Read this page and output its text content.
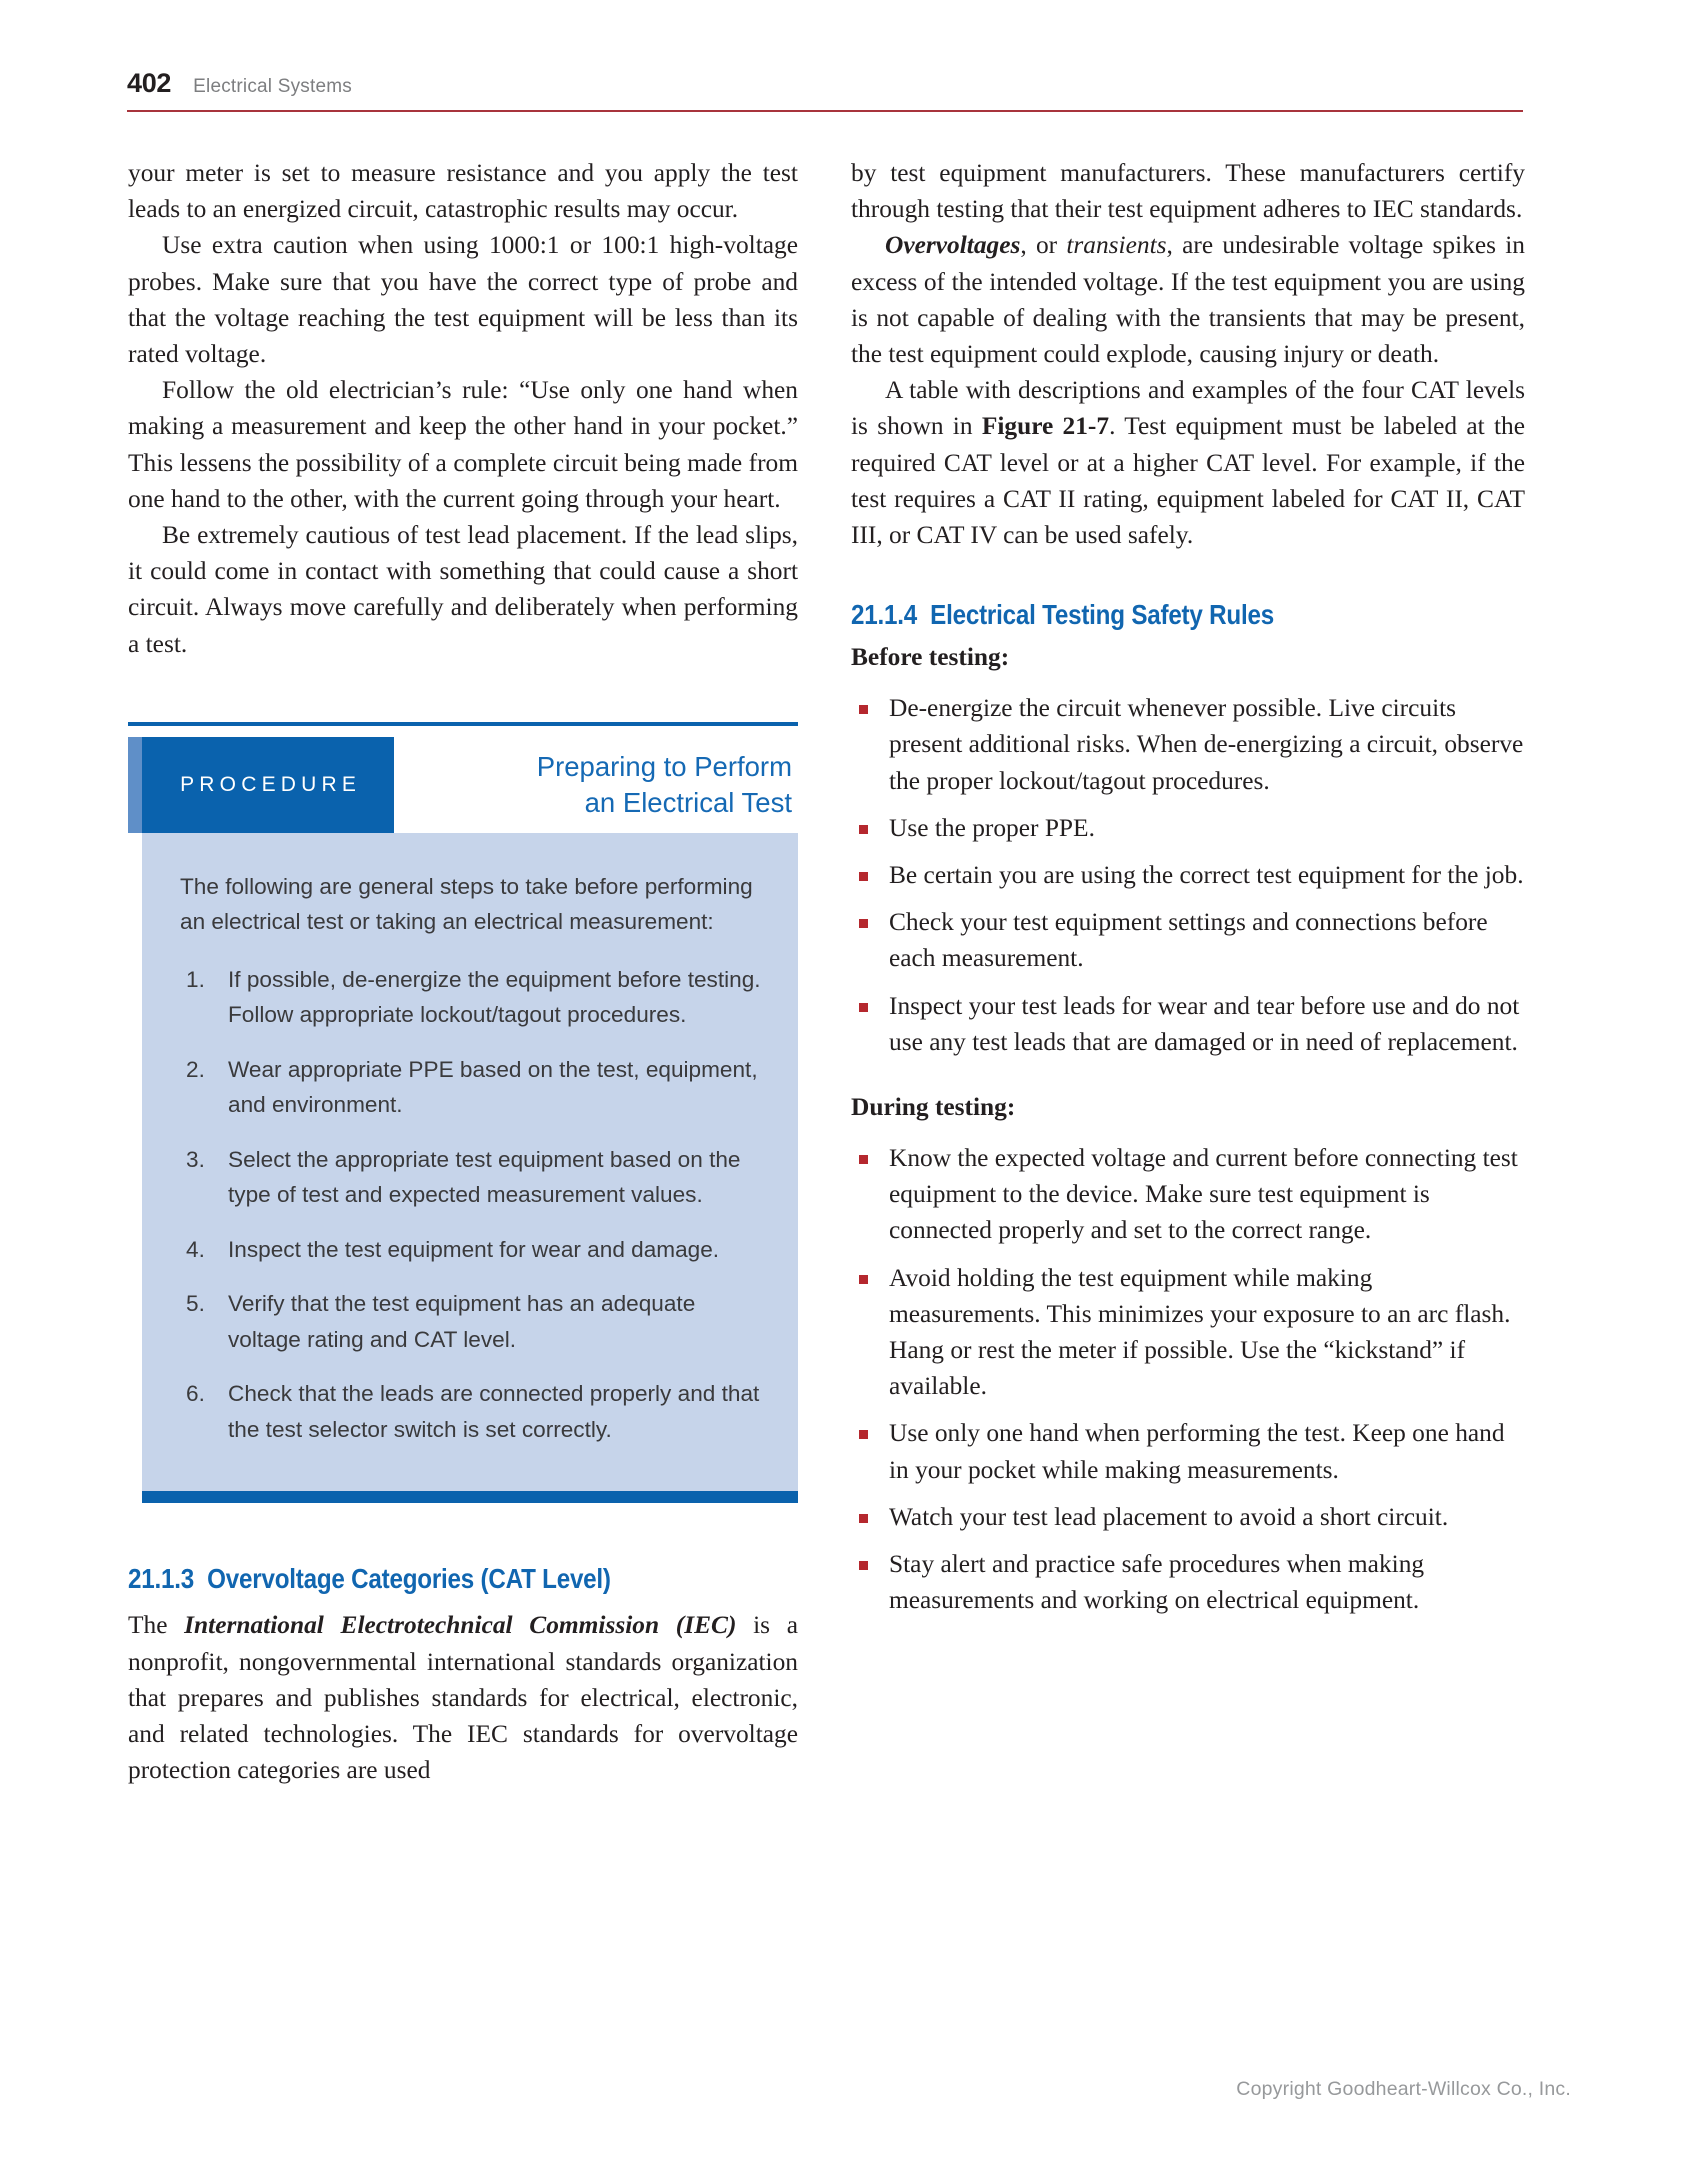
402 Electrical Systems

your meter is set to measure resistance and you apply the test leads to an energized circuit, catastrophic results may occur.

Use extra caution when using 1000:1 or 100:1 high-voltage probes. Make sure that you have the correct type of probe and that the voltage reaching the test equipment will be less than its rated voltage.

Follow the old electrician’s rule: “Use only one hand when making a measurement and keep the other hand in your pocket.” This lessens the possibility of a complete circuit being made from one hand to the other, with the current going through your heart.

Be extremely cautious of test lead placement. If the lead slips, it could come in contact with something that could cause a short circuit. Always move carefully and deliberately when performing a test.

PROCEDURE
Preparing to Perform
an Electrical Test

The following are general steps to take before performing an electrical test or taking an electrical measurement:

If possible, de-energize the equipment before testing. Follow appropriate lockout/tagout procedures.
Wear appropriate PPE based on the test, equipment, and environment.
Select the appropriate test equipment based on the type of test and expected measurement values.
Inspect the test equipment for wear and damage.
Verify that the test equipment has an adequate voltage rating and CAT level.
Check that the leads are connected properly and that the test selector switch is set correctly.
21.1.3 Overvoltage Categories (CAT Level)

The International Electrotechnical Commission (IEC) is a nonprofit, nongovernmental international standards organization that prepares and publishes standards for electrical, electronic, and related technologies. The IEC standards for overvoltage protection categories are used

by test equipment manufacturers. These manufacturers certify through testing that their test equipment adheres to IEC standards.

Overvoltages, or transients, are undesirable voltage spikes in excess of the intended voltage. If the test equipment you are using is not capable of dealing with the transients that may be present, the test equipment could explode, causing injury or death.

A table with descriptions and examples of the four CAT levels is shown in Figure 21-7. Test equipment must be labeled at the required CAT level or at a higher CAT level. For example, if the test requires a CAT II rating, equipment labeled for CAT II, CAT III, or CAT IV can be used safely.

21.1.4 Electrical Testing Safety Rules
Before testing:
De-energize the circuit whenever possible. Live circuits present additional risks. When de-energizing a circuit, observe the proper lockout/tagout procedures.
Use the proper PPE.
Be certain you are using the correct test equipment for the job.
Check your test equipment settings and connections before each measurement.
Inspect your test leads for wear and tear before use and do not use any test leads that are damaged or in need of replacement.
During testing:
Know the expected voltage and current before connecting test equipment to the device. Make sure test equipment is connected properly and set to the correct range.
Avoid holding the test equipment while making measurements. This minimizes your exposure to an arc flash. Hang or rest the meter if possible. Use the “kickstand” if available.
Use only one hand when performing the test. Keep one hand in your pocket while making measurements.
Watch your test lead placement to avoid a short circuit.
Stay alert and practice safe procedures when making measurements and working on electrical equipment.
Copyright Goodheart-Willcox Co., Inc.
